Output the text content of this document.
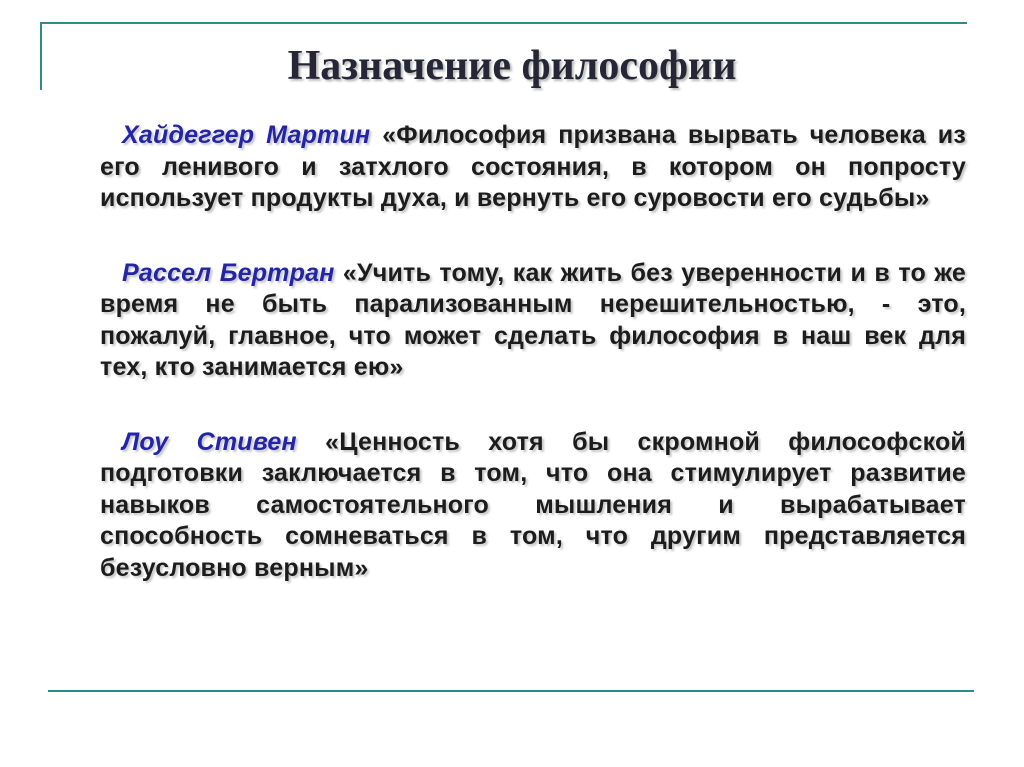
Назначение философии

Хайдеггер Мартин «Философия призвана вырвать человека из его ленивого и затхлого состояния, в котором он попросту использует продукты духа, и вернуть его суровости его судьбы»

Рассел Бертран «Учить тому, как жить без уверенности и в то же время не быть парализованным нерешительностью, - это, пожалуй, главное, что может сделать философия в наш век для тех, кто занимается ею»

Лоу Стивен «Ценность хотя бы скромной философской подготовки заключается в том, что она стимулирует развитие навыков самостоятельного мышления и вырабатывает способность сомневаться в том, что другим представляется безусловно верным»
